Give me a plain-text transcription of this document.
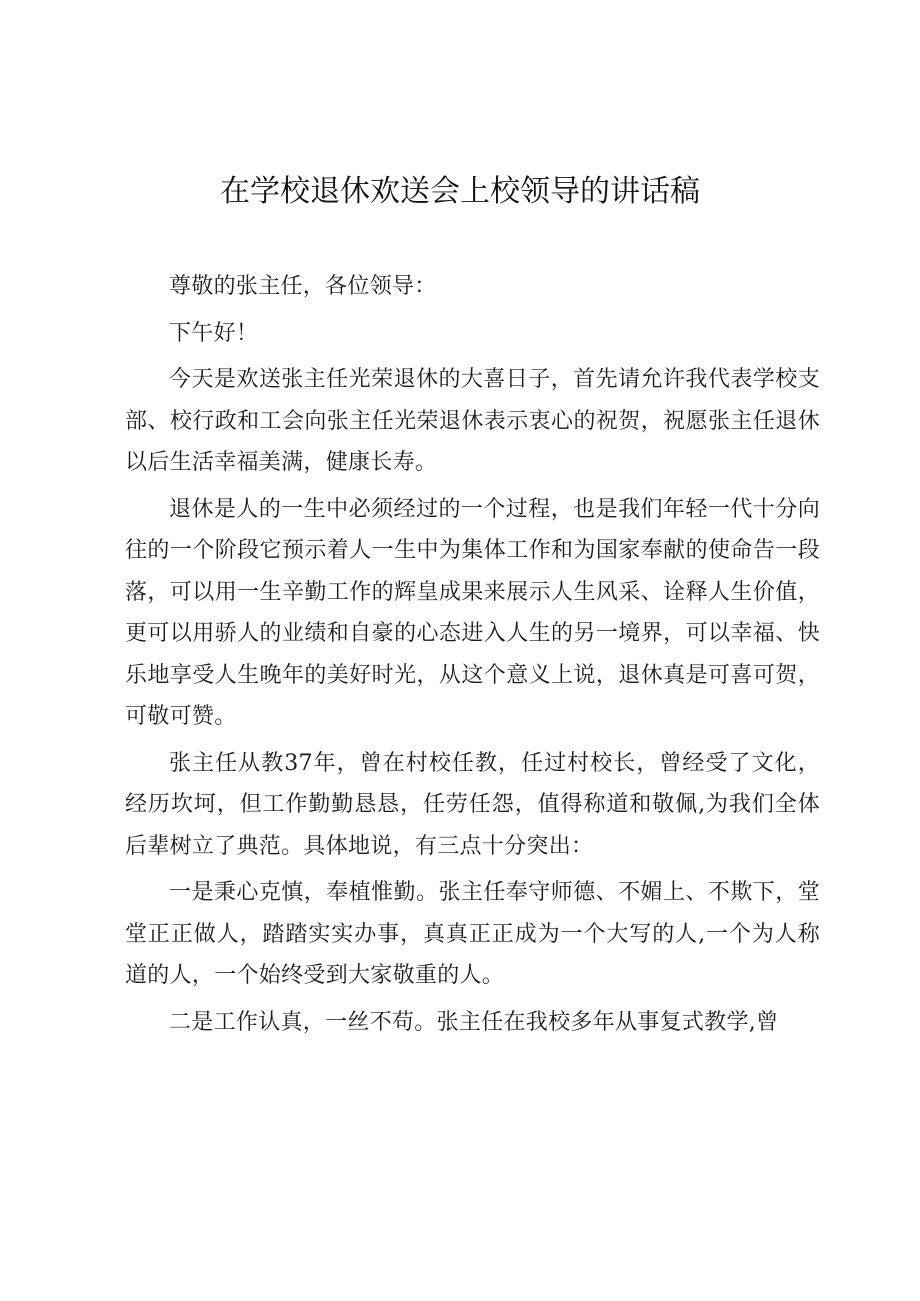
在学校退休欢送会上校领导的讲话稿

尊敬的张主任，各位领导：

下午好！

今天是欢送张主任光荣退休的大喜日子，首先请允许我代表学校支部、校行政和工会向张主任光荣退休表示衷心的祝贺，祝愿张主任退休以后生活幸福美满，健康长寿。

退休是人的一生中必须经过的一个过程，也是我们年轻一代十分向往的一个阶段它预示着人一生中为集体工作和为国家奉献的使命告一段落，可以用一生辛勤工作的辉皇成果来展示人生风采、诠释人生价值，更可以用骄人的业绩和自豪的心态进入人生的另一境界，可以幸福、快乐地享受人生晚年的美好时光，从这个意义上说，退休真是可喜可贺，可敬可赞。

张主任从教37年，曾在村校任教，任过村校长，曾经受了文化，经历坎坷，但工作勤勤恳恳，任劳任怨，值得称道和敬佩,为我们全体后辈树立了典范。具体地说，有三点十分突出：

一是秉心克慎，奉植惟勤。张主任奉守师德、不媚上、不欺下，堂堂正正做人，踏踏实实办事，真真正正成为一个大写的人,一个为人称道的人，一个始终受到大家敬重的人。

二是工作认真，一丝不苟。张主任在我校多年从事复式教学,曾
